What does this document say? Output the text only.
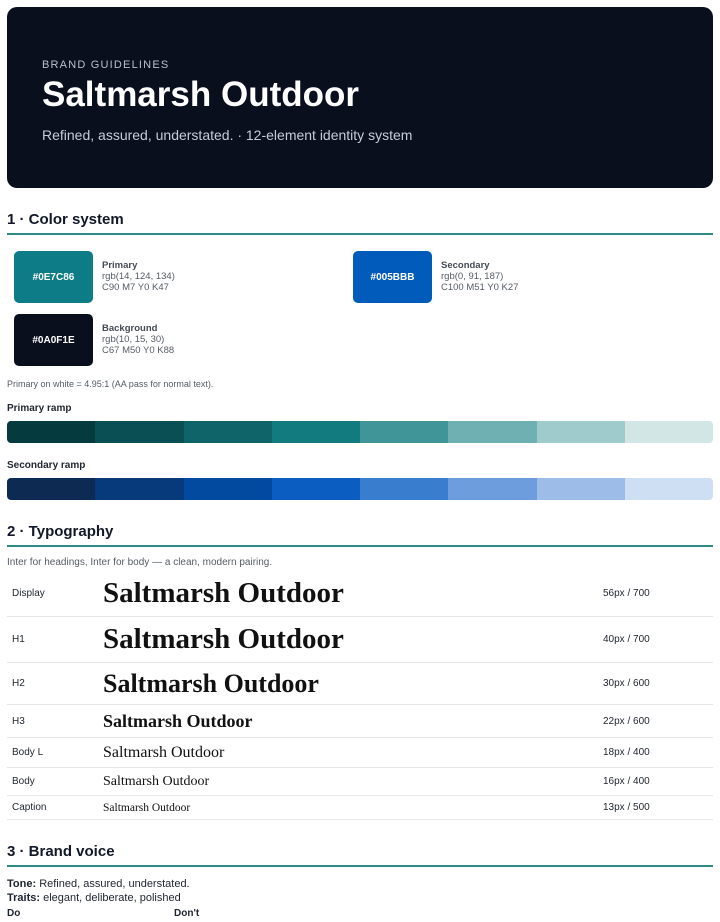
BRAND GUIDELINES
Saltmarsh Outdoor
Refined, assured, understated. · 12-element identity system
1 · Color system
#0E7C86
Primary
rgb(14, 124, 134)
C90 M7 Y0 K47
#005BBB
Secondary
rgb(0, 91, 187)
C100 M51 Y0 K27
#0A0F1E
Background
rgb(10, 15, 30)
C67 M50 Y0 K88
Primary on white = 4.95:1 (AA pass for normal text).
Primary ramp
Secondary ramp
2 · Typography
Inter for headings, Inter for body — a clean, modern pairing.
Display	Saltmarsh Outdoor	56px / 700
H1	Saltmarsh Outdoor	40px / 700
H2	Saltmarsh Outdoor	30px / 600
H3	Saltmarsh Outdoor	22px / 600
Body L	Saltmarsh Outdoor	18px / 400
Body	Saltmarsh Outdoor	16px / 400
Caption	Saltmarsh Outdoor	13px / 500
3 · Brand voice
Tone: Refined, assured, understated.
Traits: elegant, deliberate, polished
Do	Don't
